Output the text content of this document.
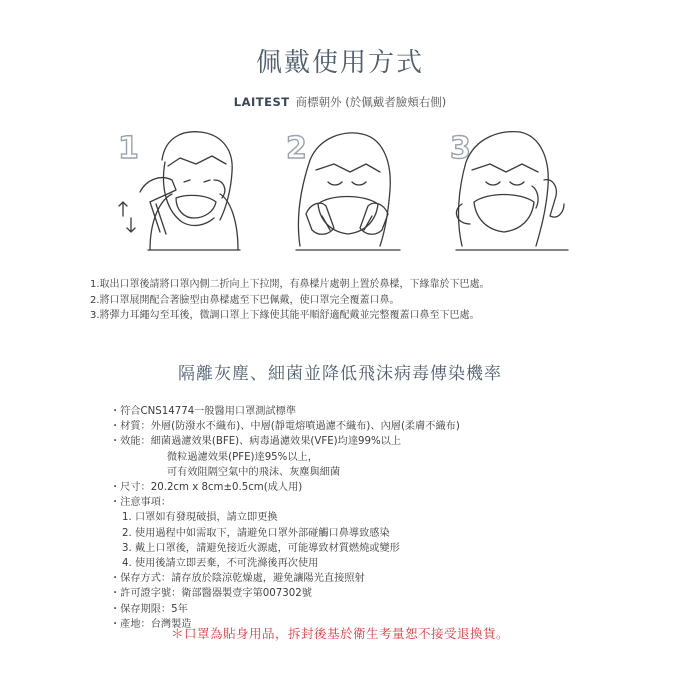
佩戴使用方式
LAITEST 商標朝外 (於佩戴者臉頰右側)
1	2	3
1.取出口罩後請將口罩內側二折向上下拉開，有鼻樑片處朝上置於鼻樑，下緣靠於下巴處。
2.將口罩展開配合著臉型由鼻樑處至下巴佩戴，使口罩完全覆蓋口鼻。
3.將彈力耳繩勾至耳後，微調口罩上下緣使其能平順舒適配戴並完整覆蓋口鼻至下巴處。
隔離灰塵、細菌並降低飛沫病毒傳染機率
・符合CNS14774一般醫用口罩測試標準
・材質：外層(防潑水不織布)、中層(靜電熔噴過濾不織布)、內層(柔膚不織布)
・效能：細菌過濾效果(BFE)、病毒過濾效果(VFE)均達99%以上
微粒過濾效果(PFE)達95%以上，
可有效阻隔空氣中的飛沫、灰塵與細菌
・尺寸：20.2cm x 8cm±0.5cm(成人用)
・注意事項：
1. 口罩如有發現破損，請立即更換
2. 使用過程中如需取下，請避免口罩外部碰觸口鼻導致感染
3. 戴上口罩後，請避免接近火源處，可能導致材質燃燒或變形
4. 使用後請立即丟棄，不可洗滌後再次使用
・保存方式：請存放於陰涼乾燥處，避免讓陽光直接照射
・許可證字號：衛部醫器製壹字第007302號
・保存期限：5年
・產地：台灣製造
＊口罩為貼身用品，拆封後基於衛生考量恕不接受退換貨。
